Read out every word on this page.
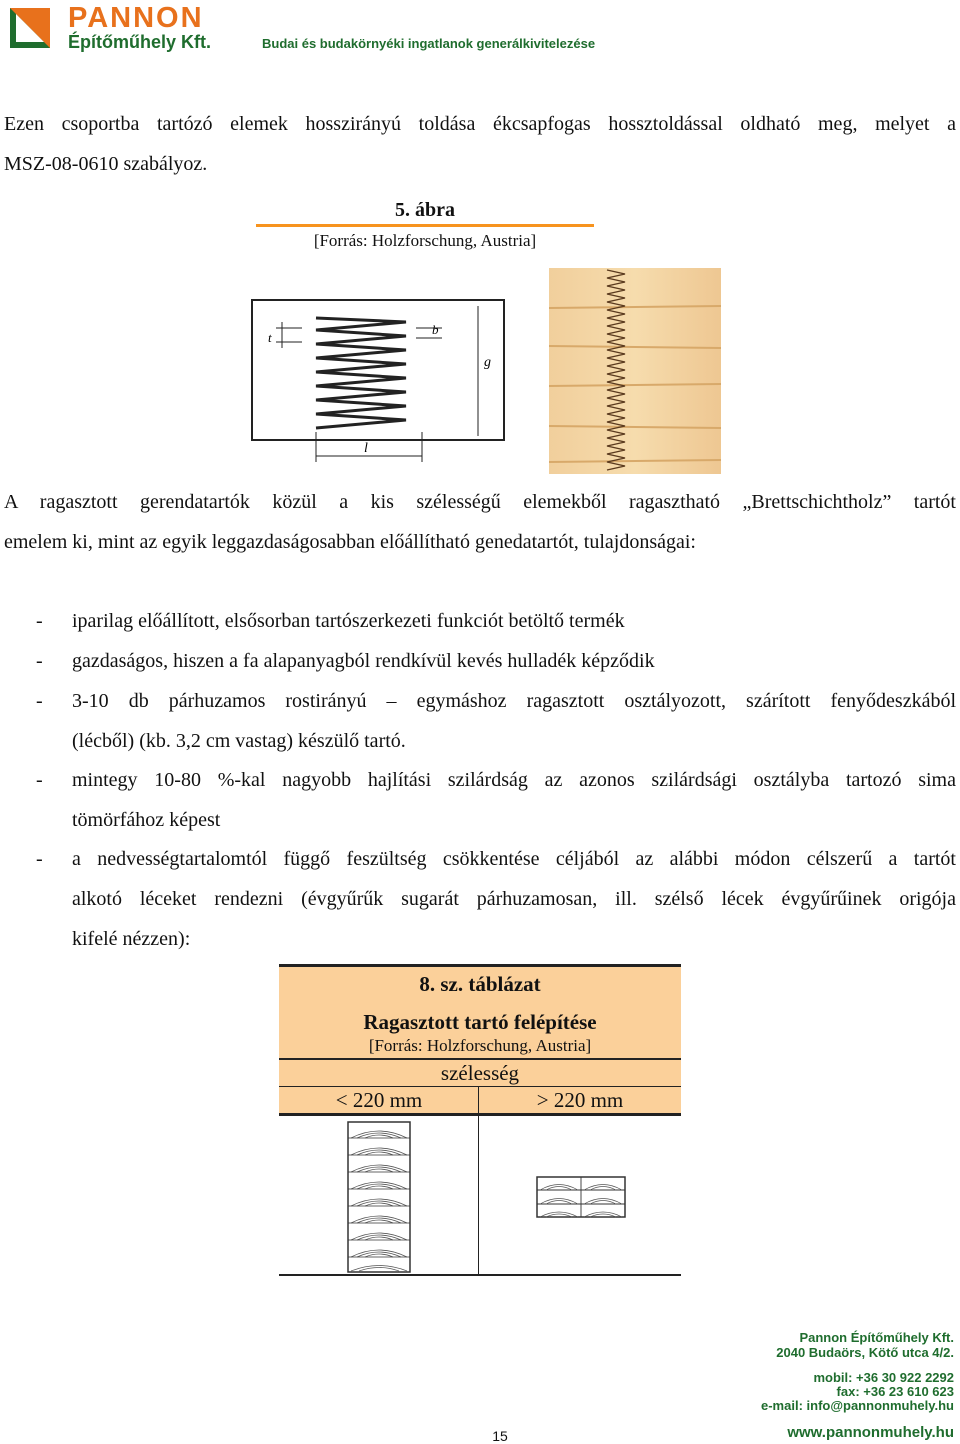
PANNON
Építőműhely Kft.	Budai és budakörnyéki ingatlanok generálkivitelezése
Ezen csoportba tartózó elemek hosszirányú toldása ékcsapfogas hossztoldással oldható meg, melyet a
MSZ-08-0610 szabályoz.
5. ábra
[Forrás: Holzforschung, Austria]
t
b
g
l
A ragasztott gerendatartók közül a kis szélességű elemekből ragasztható „Brettschichtholz” tartót
emelem ki, mint az egyik leggazdaságosabban előállítható genedatartót, tulajdonságai:
- iparilag előállított, elsősorban tartószerkezeti funkciót betöltő termék
- gazdaságos, hiszen a fa alapanyagból rendkívül kevés hulladék képződik
- 3-10 db párhuzamos rostirányú – egymáshoz ragasztott osztályozott, szárított fenyődeszkából
(lécből) (kb. 3,2 cm vastag) készülő tartó.
- mintegy 10-80 %-kal nagyobb hajlítási szilárdság az azonos szilárdsági osztályba tartozó sima
tömörfához képest
- a nedvességtartalomtól függő feszültség csökkentése céljából az alábbi módon célszerű a tartót
alkotó léceket rendezni (évgyűrűk sugarát párhuzamosan, ill. szélső lécek évgyűrűinek origója
kifelé nézzen):
8. sz. táblázat
Ragasztott tartó felépítése
[Forrás: Holzforschung, Austria]
szélesség
< 220 mm	> 220 mm
Pannon Építőműhely Kft.
2040 Budaörs, Kötő utca 4/2.
mobil: +36 30 922 2292
fax: +36 23 610 623
e-mail: info@pannonmuhely.hu
www.pannonmuhely.hu
15
